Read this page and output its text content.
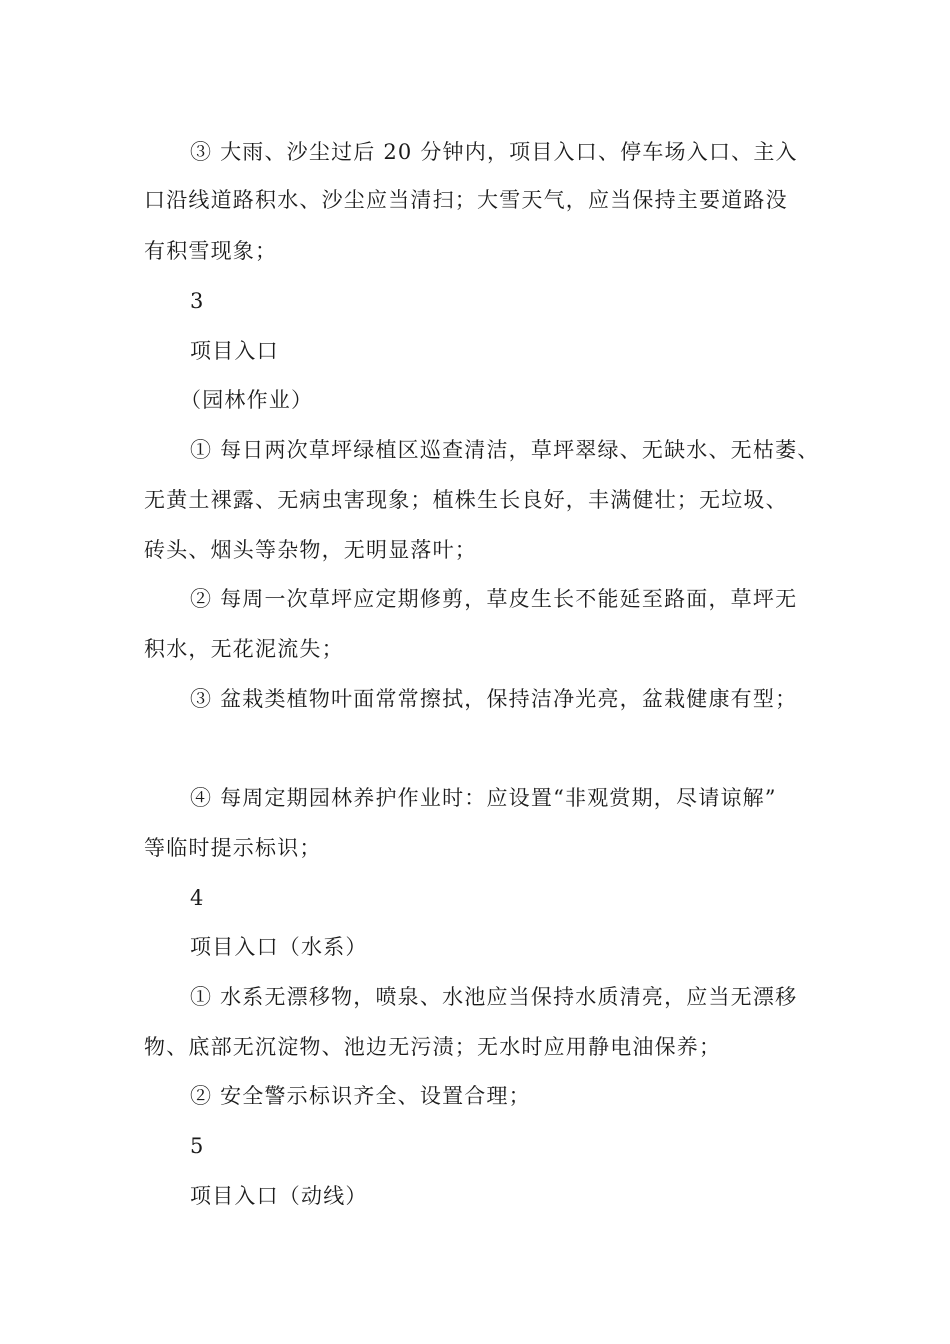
③ 大雨、沙尘过后 20 分钟内，项目入口、停车场入口、主入
口沿线道路积水、沙尘应当清扫；大雪天气，应当保持主要道路没
有积雪现象；
3
项目入口
（园林作业）
① 每日两次草坪绿植区巡查清洁，草坪翠绿、无缺水、无枯萎、
无黄土裸露、无病虫害现象；植株生长良好，丰满健壮；无垃圾、
砖头、烟头等杂物，无明显落叶；
② 每周一次草坪应定期修剪，草皮生长不能延至路面，草坪无
积水，无花泥流失；
③ 盆栽类植物叶面常常擦拭，保持洁净光亮，盆栽健康有型；
④ 每周定期园林养护作业时：应设置“非观赏期，尽请谅解”
等临时提示标识；
4
项目入口（水系）
① 水系无漂移物，喷泉、水池应当保持水质清亮，应当无漂移
物、底部无沉淀物、池边无污渍；无水时应用静电油保养；
② 安全警示标识齐全、设置合理；
5
项目入口（动线）
